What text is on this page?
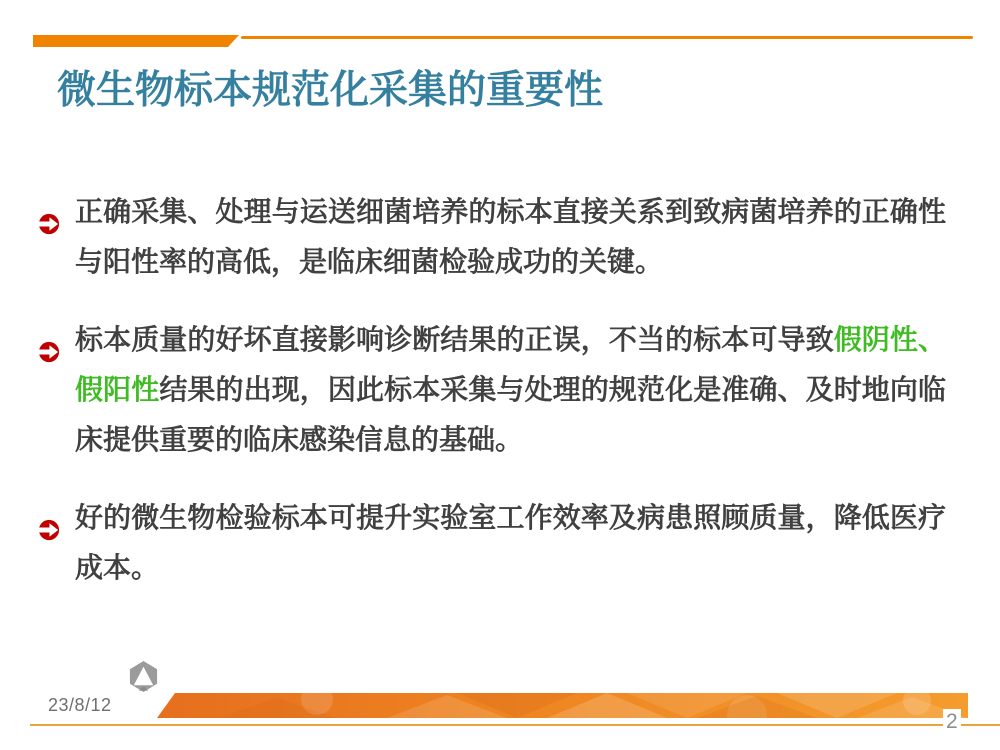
微生物标本规范化采集的重要性

正确采集、处理与运送细菌培养的标本直接关系到致病菌培养的正确性与阳性率的高低，是临床细菌检验成功的关键。

标本质量的好坏直接影响诊断结果的正误，不当的标本可导致假阴性、假阳性结果的出现，因此标本采集与处理的规范化是准确、及时地向临床提供重要的临床感染信息的基础。

好的微生物检验标本可提升实验室工作效率及病患照顾质量，降低医疗成本。

23/8/12
2
